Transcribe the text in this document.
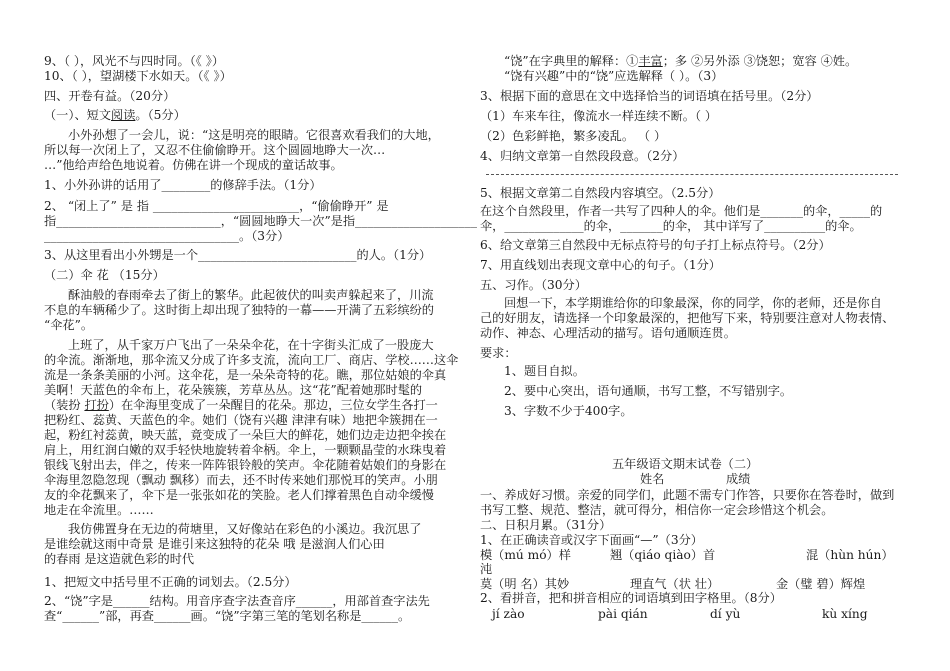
9、（ ），风光不与四时同。（《 》）
10、（ ），望湖楼下水如天。（《 》）
四、开卷有益。（20分）
（一）、短文阅读。（5分）
小外孙想了一会儿，说：“这是明亮的眼睛。它很喜欢看我们的大地，
所以每一次闭上了，又忍不住偷偷睁开。这个圆圆地睁大一次…
…”他给声给色地说着。仿佛在讲一个现成的童话故事。
1、小外孙讲的话用了________的修辞手法。（1分）
2、 “闭上了” 是 指 ________________________，“偷偷睁开” 是
指___________________________，“圆圆地睁大一次”是指____________________
________________________________。（3分）
3、从这里看出小外甥是一个__________________________的人。（1分）
（二）伞 花 （15分）
酥油般的春雨牵去了街上的繁华。此起彼伏的叫卖声躲起来了，川流
不息的车辆稀少了。这时街上却出现了独特的一幕——开满了五彩缤纷的
“伞花”。
上班了，从千家万户飞出了一朵朵伞花，在十字街头汇成了一股庞大
的伞流。渐渐地，那伞流又分成了许多支流，流向工厂、商店、学校……这伞
流是一条条美丽的小河。这伞花，是一朵朵奇特的花。瞧，那位姑娘的伞真
美啊！天蓝色的伞布上，花朵簇簇，芳草丛丛。这“花”配着她那时髦的
（装扮 打扮）在伞海里变成了一朵醒目的花朵。那边，三位女学生各打一
把粉红、蕊黄、天蓝色的伞。她们（饶有兴趣 津津有味）地把伞簇拥在一
起，粉红衬蕊黄，映天蓝，竟变成了一朵巨大的鲜花，她们边走边把伞挨在
肩上，用红润白嫩的双手轻快地旋转着伞柄。伞上，一颗颗晶莹的水珠曳着
银线飞射出去，伴之，传来一阵阵银铃般的笑声。伞花随着姑娘们的身影在
伞海里忽隐忽现（飘动 飘移）而去，还不时传来她们那悦耳的笑声。小朋
友的伞花飘来了，伞下是一张张如花的笑脸。老人们撑着黑色自动伞缓慢
地走在伞流里。……
我仿佛置身在无边的荷塘里，又好像站在彩色的小溪边。我沉思了
是谁绘就这雨中奇景 是谁引来这独特的花朵 哦 是滋润人们心田
的春雨 是这造就色彩的时代
1、把短文中括号里不正确的词划去。（2.5分）
2、“饶”字是______结构。用音序查字法查音序______，用部首查字法先
查“______”部，再查______画。“饶”字第三笔的笔划名称是______。
“饶”在字典里的解释：①丰富；多 ②另外添 ③饶恕；宽容 ④姓。
“饶有兴趣”中的“饶”应选解释（ ）。（3）
3、根据下面的意思在文中选择恰当的词语填在括号里。（2分）
（1）车来车往，像流水一样连续不断。（ ）
（2）色彩鲜艳，繁多凌乱。 （ ）
4、归纳文章第一自然段段意。（2分）
5、根据文章第二自然段内容填空。（2.5分）
在这个自然段里，作者一共写了四种人的伞。他们是_______的伞，_____的
伞，_____________的伞，_______的伞， 其中详写了__________的伞。
6、给文章第三自然段中无标点符号的句子打上标点符号。（2分）
7、用直线划出表现文章中心的句子。（1分）
五、习作。（30分）
回想一下，本学期谁给你的印象最深，你的同学，你的老师，还是你自
己的好朋友，请选择一个印象最深的，把他写下来，特别要注意对人物表情、
动作、神态、心理活动的描写。语句通顺连贯。
要求：
1、题目自拟。
2、要中心突出，语句通顺，书写工整，不写错别字。
3、字数不少于400字。
五年级语文期末试卷（二）
姓名	成绩
一、养成好习惯。亲爱的同学们，此题不需专门作答，只要你在答卷时，做到
书写工整、规范、整洁，就可得分，相信你一定会珍惜这个机会。
二、日积月累。（31分）
1、在正确读音或汉字下面画“—”（3分）
模（mú mó）样	翘（qiáo qiào）首	混（hùn hún）
沌
莫（明 名）其妙	理直气（状 壮）	金（璧 碧）辉煌
2、看拼音，把和拼音相应的词语填到田字格里。（8分）
jí zào	pài qián	dí yù	kù xíng
